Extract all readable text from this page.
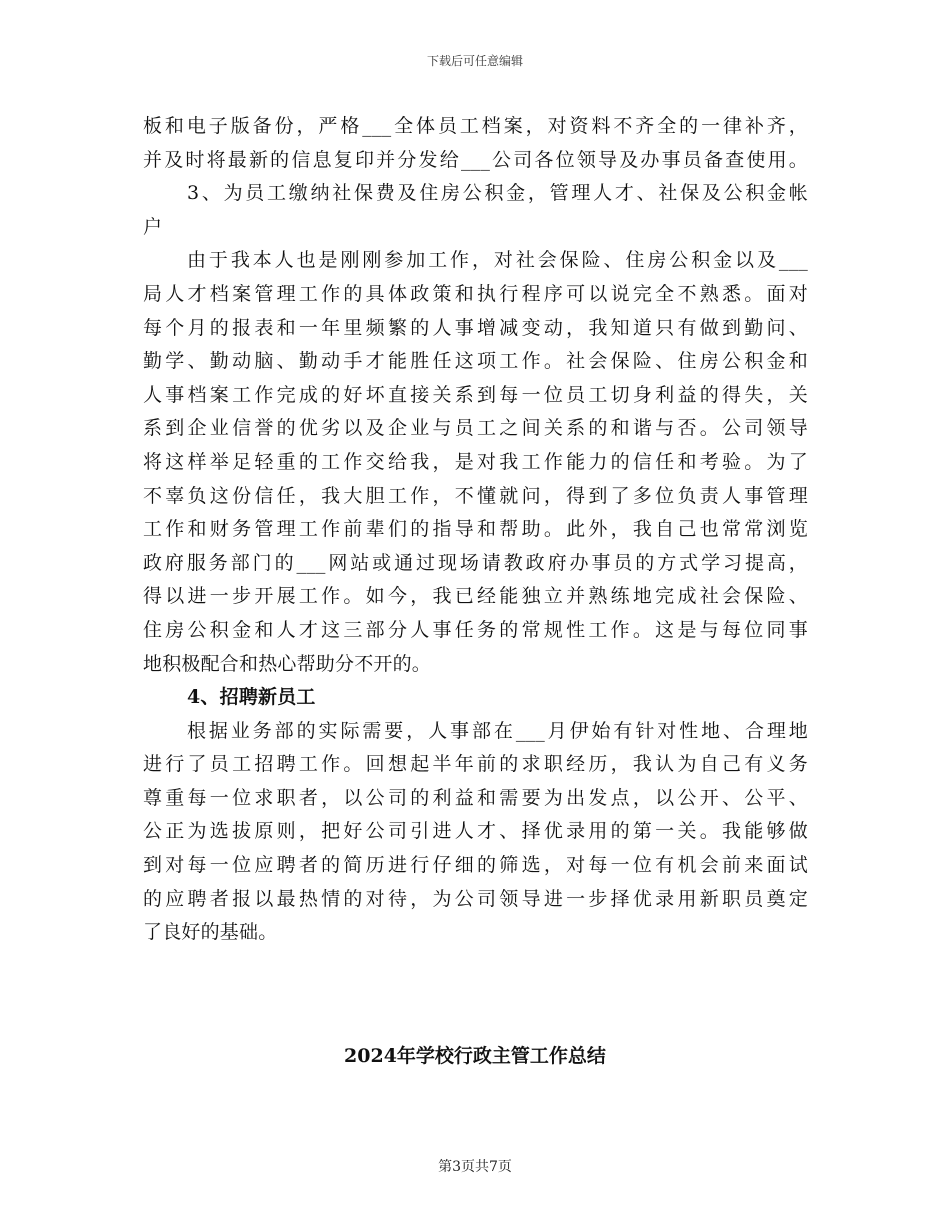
下载后可任意编辑
板和电子版备份，严格___全体员工档案，对资料不齐全的一律补齐，
并及时将最新的信息复印并分发给___公司各位领导及办事员备查使用。
3、为员工缴纳社保费及住房公积金，管理人才、社保及公积金帐
户
由于我本人也是刚刚参加工作，对社会保险、住房公积金以及___
局人才档案管理工作的具体政策和执行程序可以说完全不熟悉。面对
每个月的报表和一年里频繁的人事增减变动，我知道只有做到勤问、
勤学、勤动脑、勤动手才能胜任这项工作。社会保险、住房公积金和
人事档案工作完成的好坏直接关系到每一位员工切身利益的得失，关
系到企业信誉的优劣以及企业与员工之间关系的和谐与否。公司领导
将这样举足轻重的工作交给我，是对我工作能力的信任和考验。为了
不辜负这份信任，我大胆工作，不懂就问，得到了多位负责人事管理
工作和财务管理工作前辈们的指导和帮助。此外，我自己也常常浏览
政府服务部门的___网站或通过现场请教政府办事员的方式学习提高，
得以进一步开展工作。如今，我已经能独立并熟练地完成社会保险、
住房公积金和人才这三部分人事任务的常规性工作。这是与每位同事
地积极配合和热心帮助分不开的。
4、招聘新员工
根据业务部的实际需要，人事部在___月伊始有针对性地、合理地
进行了员工招聘工作。回想起半年前的求职经历，我认为自己有义务
尊重每一位求职者，以公司的利益和需要为出发点，以公开、公平、
公正为选拔原则，把好公司引进人才、择优录用的第一关。我能够做
到对每一位应聘者的简历进行仔细的筛选，对每一位有机会前来面试
的应聘者报以最热情的对待，为公司领导进一步择优录用新职员奠定
了良好的基础。
2024年学校行政主管工作总结
第3页共7页
